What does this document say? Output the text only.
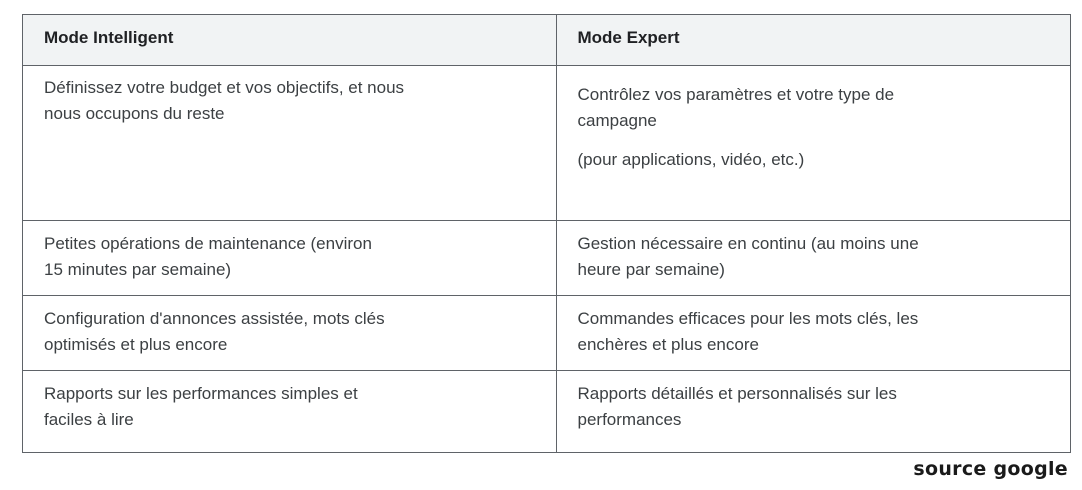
Mode Intelligent	Mode Expert

Définissez votre budget et vos objectifs, et nous
nous occupons du reste	Contrôlez vos paramètres et votre type de
campagne
(pour applications, vidéo, etc.)

Petites opérations de maintenance (environ
15 minutes par semaine)	Gestion nécessaire en continu (au moins une
heure par semaine)

Configuration d'annonces assistée, mots clés
optimisés et plus encore	Commandes efficaces pour les mots clés, les
enchères et plus encore

Rapports sur les performances simples et
faciles à lire	Rapports détaillés et personnalisés sur les
performances
source google
